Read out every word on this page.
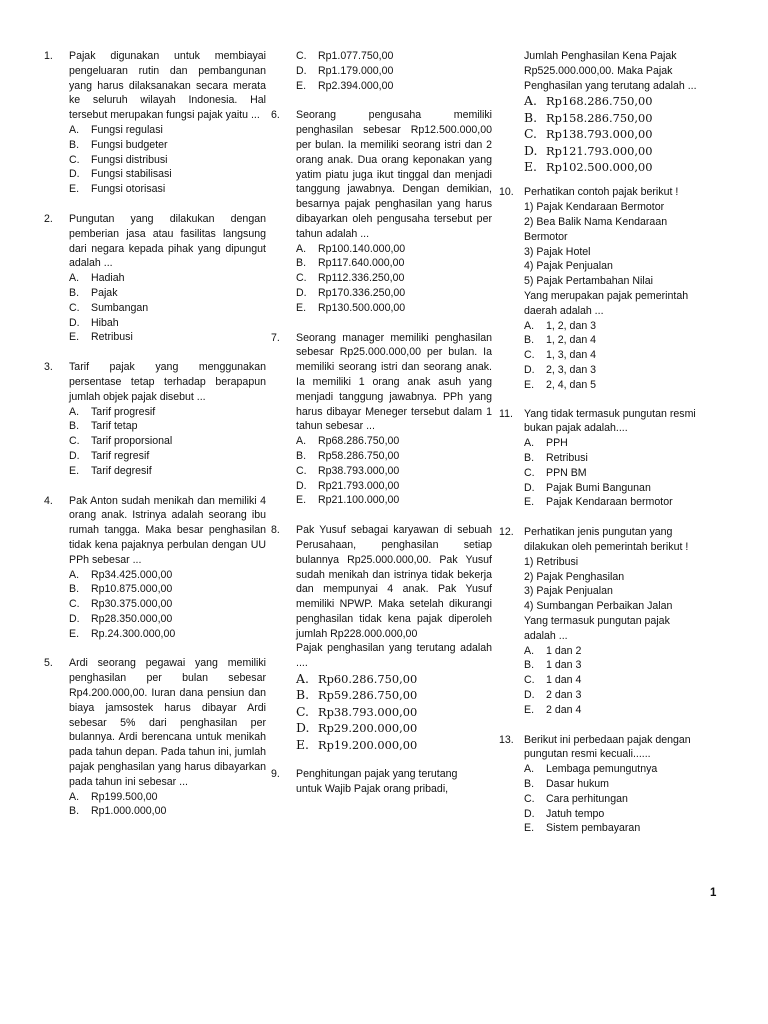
1. Pajak digunakan untuk membiayai pengeluaran rutin dan pembangunan yang harus dilaksanakan secara merata ke seluruh wilayah Indonesia. Hal tersebut merupakan fungsi pajak yaitu ...

A. Fungsi regulasi
B. Fungsi budgeter
C. Fungsi distribusi
D. Fungsi stabilisasi
E. Fungsi otorisasi
2. Pungutan yang dilakukan dengan pemberian jasa atau fasilitas langsung dari negara kepada pihak yang dipungut adalah ...

A. Hadiah
B. Pajak
C. Sumbangan
D. Hibah
E. Retribusi
3. Tarif pajak yang menggunakan persentase tetap terhadap berapapun jumlah objek pajak disebut ...

A. Tarif progresif
B. Tarif tetap
C. Tarif proporsional
D. Tarif regresif
E. Tarif degresif
4. Pak Anton sudah menikah dan memiliki 4 orang anak. Istrinya adalah seorang ibu rumah tangga. Maka besar penghasilan tidak kena pajaknya perbulan dengan UU PPh sebesar ...

A. Rp34.425.000,00
B. Rp10.875.000,00
C. Rp30.375.000,00
D. Rp28.350.000,00
E. Rp.24.300.000,00
5. Ardi seorang pegawai yang memiliki penghasilan per bulan sebesar Rp4.200.000,00. Iuran dana pensiun dan biaya jamsostek harus dibayar Ardi sebesar 5% dari penghasilan per bulannya. Ardi berencana untuk menikah pada tahun depan. Pada tahun ini, jumlah pajak penghasilan yang harus dibayarkan pada tahun ini sebesar ...

A. Rp199.500,00
B. Rp1.000.000,00
C. Rp1.077.750,00
D. Rp1.179.000,00
E. Rp2.394.000,00
6. Seorang pengusaha memiliki penghasilan sebesar Rp12.500.000,00 per bulan. Ia memiliki seorang istri dan 2 orang anak. Dua orang keponakan yang yatim piatu juga ikut tinggal dan menjadi tanggung jawabnya. Dengan demikian, besarnya pajak penghasilan yang harus dibayarkan oleh pengusaha tersebut per tahun adalah ...

A. Rp100.140.000,00
B. Rp117.640.000,00
C. Rp112.336.250,00
D. Rp170.336.250,00
E. Rp130.500.000,00
7. Seorang manager memiliki penghasilan sebesar Rp25.000.000,00 per bulan. Ia memiliki seorang istri dan seorang anak. Ia memiliki 1 orang anak asuh yang menjadi tanggung jawabnya. PPh yang harus dibayar Meneger tersebut dalam 1 tahun sebesar ...

A. Rp68.286.750,00
B. Rp58.286.750,00
C. Rp38.793.000,00
D. Rp21.793.000,00
E. Rp21.100.000,00
8. Pak Yusuf sebagai karyawan di sebuah Perusahaan, penghasilan setiap bulannya Rp25.000.000,00. Pak Yusuf sudah menikah dan istrinya tidak bekerja dan mempunyai 4 anak. Pak Yusuf memiliki NPWP. Maka setelah dikurangi penghasilan tidak kena pajak diperoleh jumlah Rp228.000.000,00

Pajak penghasilan yang terutang adalah ....

A. Rp60.286.750,00
B. Rp59.286.750,00
C. Rp38.793.000,00
D. Rp29.200.000,00
E. Rp19.200.000,00
9. Penghitungan pajak yang terutang
untuk Wajib Pajak orang pribadi,
Jumlah Penghasilan Kena Pajak
Rp525.000.000,00. Maka Pajak
Penghasilan yang terutang adalah ...
A. Rp168.286.750,00
B. Rp158.286.750,00
C. Rp138.793.000,00
D. Rp121.793.000,00
E. Rp102.500.000,00
10. Perhatikan contoh pajak berikut !
1) Pajak Kendaraan Bermotor
2) Bea Balik Nama Kendaraan
Bermotor
3) Pajak Hotel
4) Pajak Penjualan
5) Pajak Pertambahan Nilai
Yang merupakan pajak pemerintah
daerah adalah ...
A. 1, 2, dan 3
B. 1, 2, dan 4
C. 1, 3, dan 4
D. 2, 3, dan 3
E. 2, 4, dan 5
11. Yang tidak termasuk pungutan resmi
bukan pajak adalah....
A. PPH
B. Retribusi
C. PPN BM
D. Pajak Bumi Bangunan
E. Pajak Kendaraan bermotor
12. Perhatikan jenis pungutan yang
dilakukan oleh pemerintah berikut !
1) Retribusi
2) Pajak Penghasilan
3) Pajak Penjualan
4) Sumbangan Perbaikan Jalan
Yang termasuk pungutan pajak
adalah ...
A. 1 dan 2
B. 1 dan 3
C. 1 dan 4
D. 2 dan 3
E. 2 dan 4
13. Berikut ini perbedaan pajak dengan
pungutan resmi kecuali......
A. Lembaga pemungutnya
B. Dasar hukum
C. Cara perhitungan
D. Jatuh tempo
E. Sistem pembayaran
1
